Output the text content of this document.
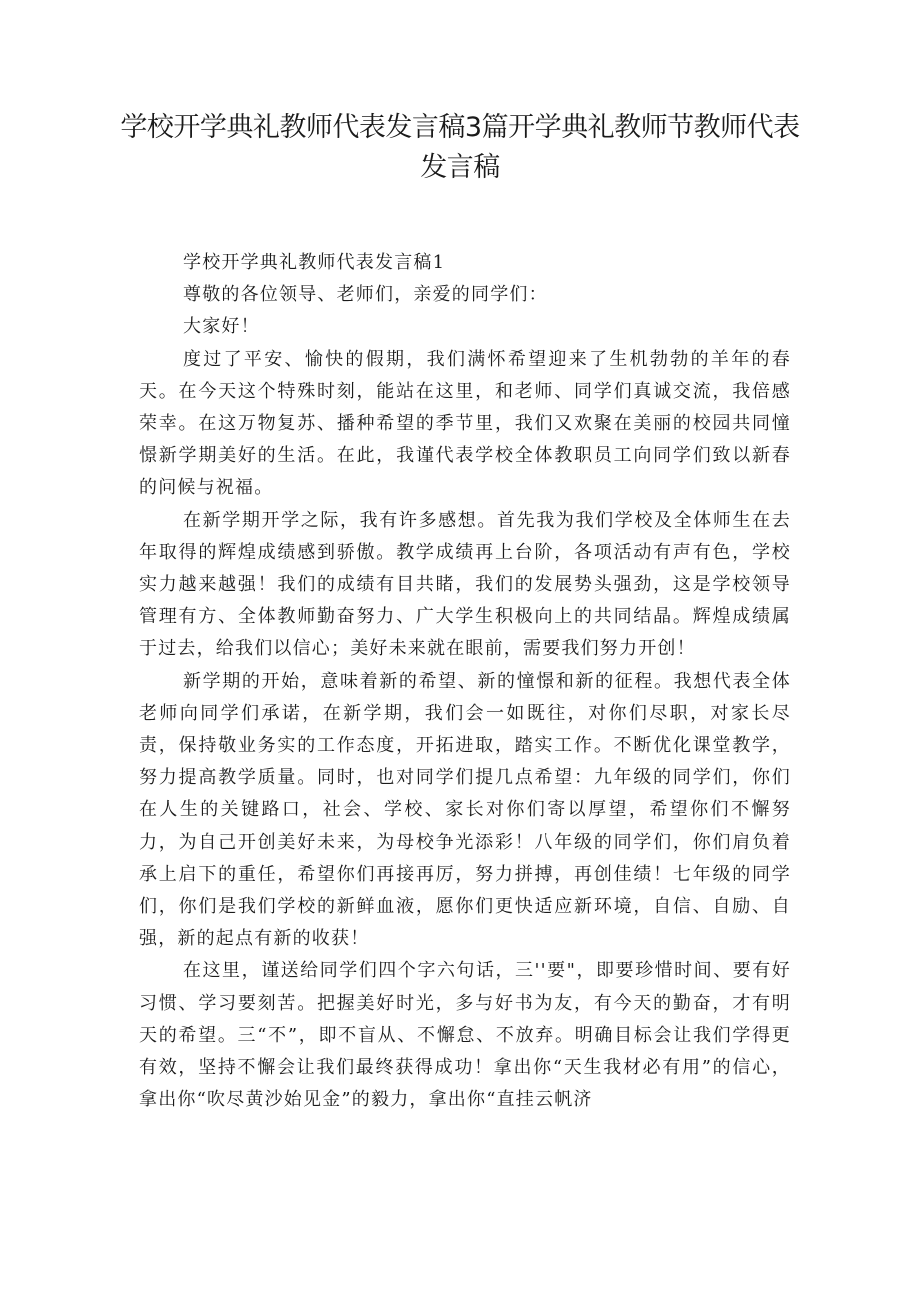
学校开学典礼教师代表发言稿3篇开学典礼教师节教师代表发言稿

学校开学典礼教师代表发言稿1

尊敬的各位领导、老师们，亲爱的同学们：

大家好！

度过了平安、愉快的假期，我们满怀希望迎来了生机勃勃的羊年的春天。在今天这个特殊时刻，能站在这里，和老师、同学们真诚交流，我倍感荣幸。在这万物复苏、播种希望的季节里，我们又欢聚在美丽的校园共同憧憬新学期美好的生活。在此，我谨代表学校全体教职员工向同学们致以新春的问候与祝福。

在新学期开学之际，我有许多感想。首先我为我们学校及全体师生在去年取得的辉煌成绩感到骄傲。教学成绩再上台阶，各项活动有声有色，学校实力越来越强！我们的成绩有目共睹，我们的发展势头强劲，这是学校领导管理有方、全体教师勤奋努力、广大学生积极向上的共同结晶。辉煌成绩属于过去，给我们以信心；美好未来就在眼前，需要我们努力开创！

新学期的开始，意味着新的希望、新的憧憬和新的征程。我想代表全体老师向同学们承诺，在新学期，我们会一如既往，对你们尽职，对家长尽责，保持敬业务实的工作态度，开拓进取，踏实工作。不断优化课堂教学，努力提高教学质量。同时，也对同学们提几点希望：九年级的同学们，你们在人生的关键路口，社会、学校、家长对你们寄以厚望，希望你们不懈努力，为自己开创美好未来，为母校争光添彩！八年级的同学们，你们肩负着承上启下的重任，希望你们再接再厉，努力拼搏，再创佳绩！七年级的同学们，你们是我们学校的新鲜血液，愿你们更快适应新环境，自信、自励、自强，新的起点有新的收获！

在这里，谨送给同学们四个字六句话，三''要"，即要珍惜时间、要有好习惯、学习要刻苦。把握美好时光，多与好书为友，有今天的勤奋，才有明天的希望。三“不”，即不盲从、不懈怠、不放弃。明确目标会让我们学得更有效，坚持不懈会让我们最终获得成功！拿出你“天生我材必有用”的信心，拿出你“吹尽黄沙始见金”的毅力，拿出你“直挂云帆济
